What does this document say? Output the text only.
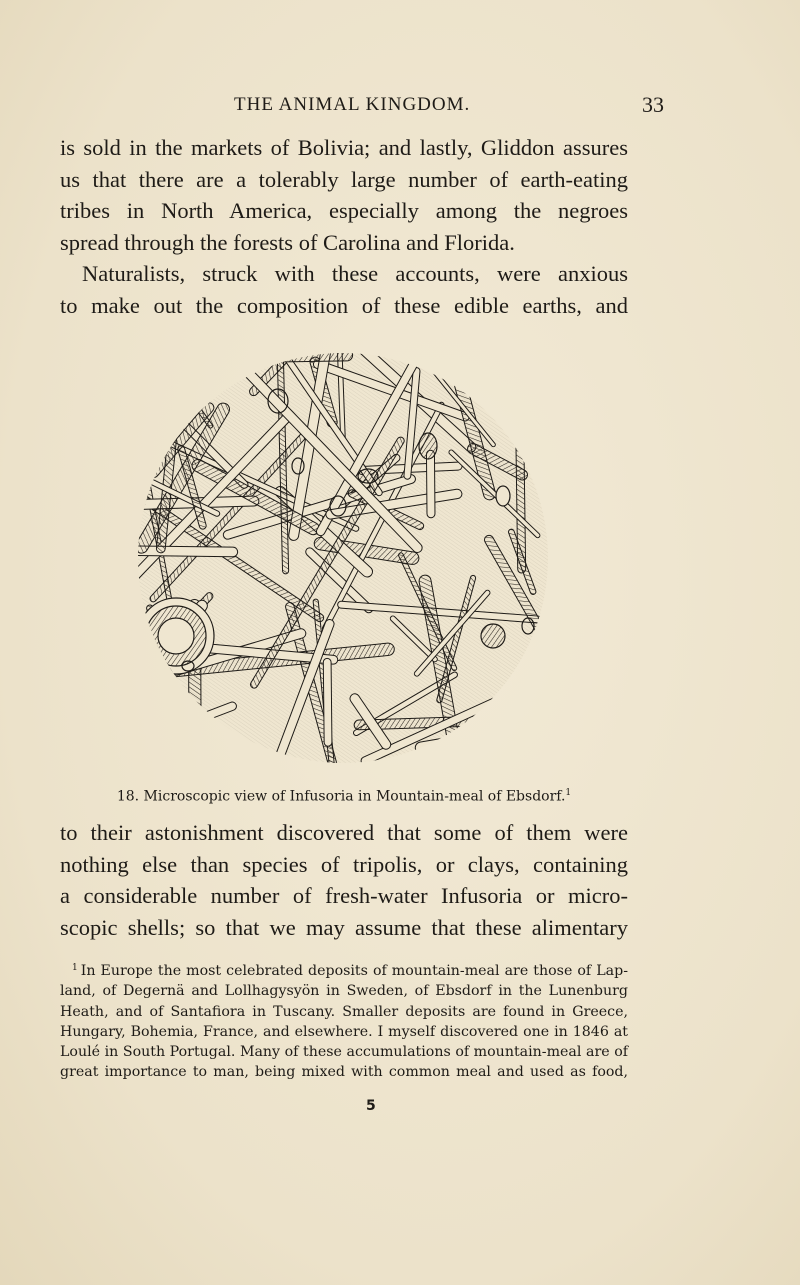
THE ANIMAL KINGDOM.	33
is sold in the markets of Bolivia; and lastly, Gliddon assures
us that there are a tolerably large number of earth-eating
tribes in North America, especially among the negroes
spread through the forests of Carolina and Florida.
Naturalists, struck with these accounts, were anxious
to make out the composition of these edible earths, and
18. Microscopic view of Infusoria in Mountain-meal of Ebsdorf.$^1$
to their astonishment discovered that some of them were
nothing else than species of tripolis, or clays, containing
a considerable number of fresh-water Infusoria or micro-
scopic shells; so that we may assume that these alimentary
$^1$ In Europe the most celebrated deposits of mountain-meal are those of Lap-
land, of Degernä and Lollhagysyön in Sweden, of Ebsdorf in the Lunenburg
Heath, and of Santafiora in Tuscany. Smaller deposits are found in Greece,
Hungary, Bohemia, France, and elsewhere. I myself discovered one in 1846 at
Loulé in South Portugal. Many of these accumulations of mountain-meal are of
great importance to man, being mixed with common meal and used as food,
5
